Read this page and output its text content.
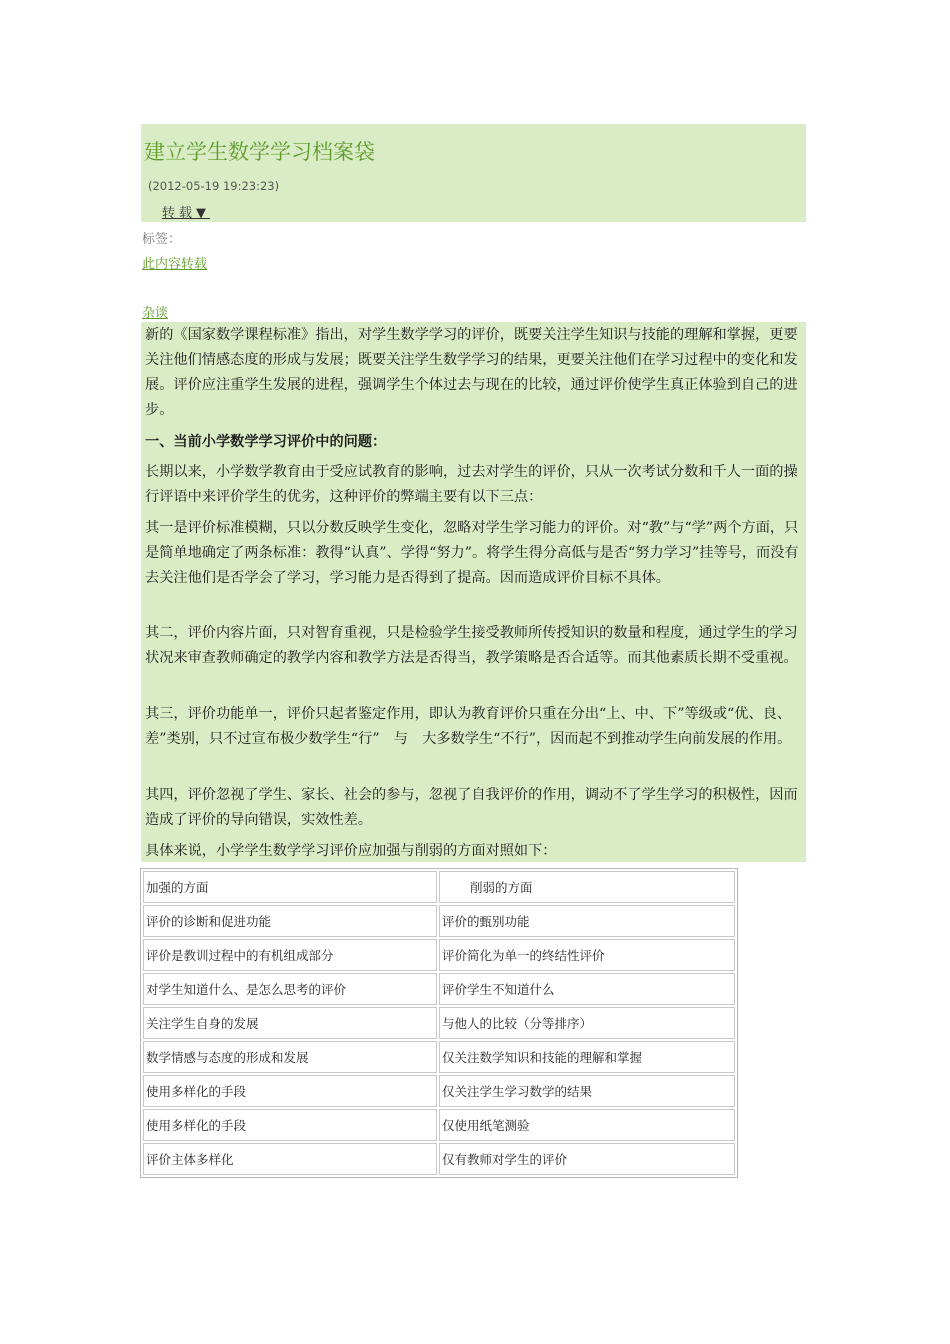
建立学生数学学习档案袋
(2012-05-19 19:23:23)
转载▼
标签：
此内容转载
杂谈
新的《国家数学课程标准》指出，对学生数学学习的评价，既要关注学生知识与技能的理解和掌握，更要关注他们情感态度的形成与发展；既要关注学生数学学习的结果，更要关注他们在学习过程中的变化和发展。评价应注重学生发展的进程，强调学生个体过去与现在的比较，通过评价使学生真正体验到自己的进步。
一、当前小学数学学习评价中的问题：
长期以来，小学数学教育由于受应试教育的影响，过去对学生的评价，只从一次考试分数和千人一面的操行评语中来评价学生的优劣，这种评价的弊端主要有以下三点：
其一是评价标准模糊，只以分数反映学生变化，忽略对学生学习能力的评价。对“教”与“学”两个方面，只是简单地确定了两条标准：教得“认真”、学得“努力”。将学生得分高低与是否“努力学习”挂等号，而没有去关注他们是否学会了学习，学习能力是否得到了提高。因而造成评价目标不具体。
其二，评价内容片面，只对智育重视，只是检验学生接受教师所传授知识的数量和程度，通过学生的学习状况来审查教师确定的教学内容和教学方法是否得当，教学策略是否合适等。而其他素质长期不受重视。
其三，评价功能单一，评价只起者鉴定作用，即认为教育评价只重在分出“上、中、下”等级或“优、良、差”类别，只不过宣布极少数学生“行”　与　大多数学生“不行”，因而起不到推动学生向前发展的作用。
其四，评价忽视了学生、家长、社会的参与，忽视了自我评价的作用，调动不了学生学习的积极性，因而造成了评价的导向错误，实效性差。
具体来说，小学学生数学学习评价应加强与削弱的方面对照如下：
加强的方面	削弱的方面
评价的诊断和促进功能	评价的甄别功能
评价是教训过程中的有机组成部分	评价简化为单一的终结性评价
对学生知道什么、是怎么思考的评价	评价学生不知道什么
关注学生自身的发展	与他人的比较（分等排序）
数学情感与态度的形成和发展	仅关注数学知识和技能的理解和掌握
使用多样化的手段	仅关注学生学习数学的结果
使用多样化的手段	仅使用纸笔测验
评价主体多样化	仅有教师对学生的评价
